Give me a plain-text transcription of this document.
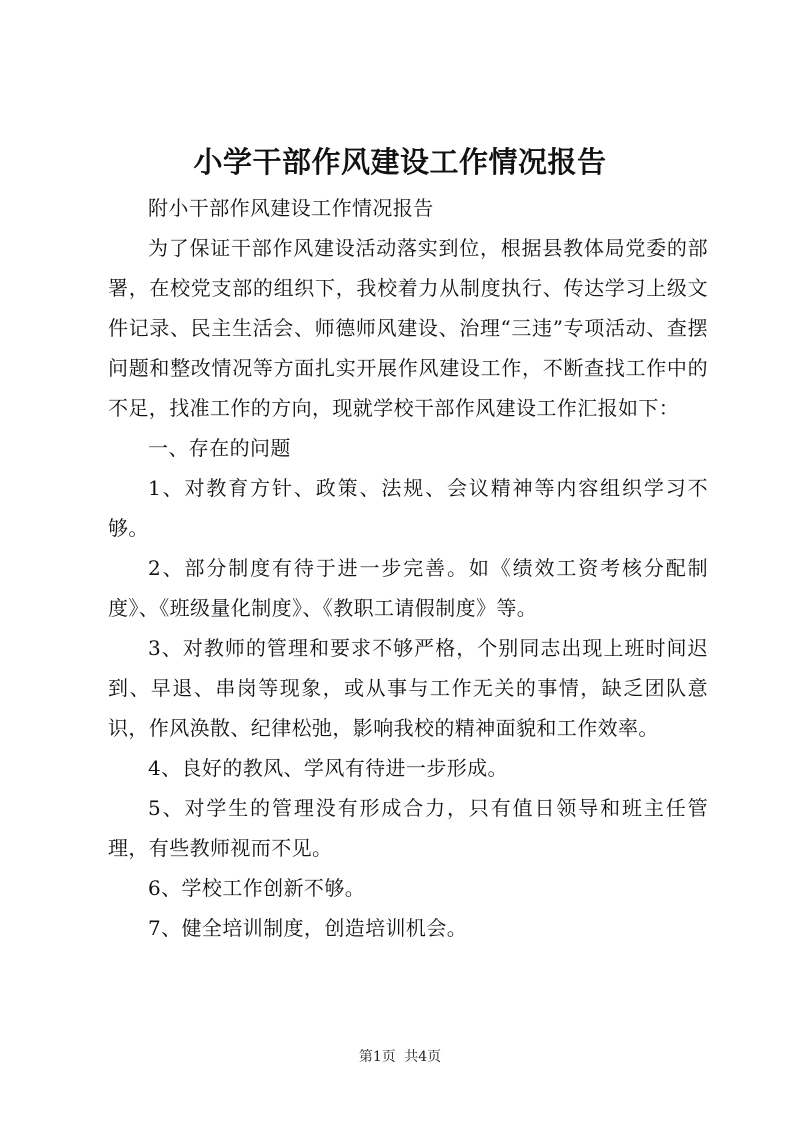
小学干部作风建设工作情况报告

附小干部作风建设工作情况报告

为了保证干部作风建设活动落实到位，根据县教体局党委的部署，在校党支部的组织下，我校着力从制度执行、传达学习上级文件记录、民主生活会、师德师风建设、治理“三违”专项活动、查摆问题和整改情况等方面扎实开展作风建设工作，不断查找工作中的不足，找准工作的方向，现就学校干部作风建设工作汇报如下：

一、存在的问题

1、对教育方针、政策、法规、会议精神等内容组织学习不够。

2、部分制度有待于进一步完善。如《绩效工资考核分配制度》、《班级量化制度》、《教职工请假制度》等。

3、对教师的管理和要求不够严格，个别同志出现上班时间迟到、早退、串岗等现象，或从事与工作无关的事情，缺乏团队意识，作风涣散、纪律松弛，影响我校的精神面貌和工作效率。

4、良好的教风、学风有待进一步形成。

5、对学生的管理没有形成合力，只有值日领导和班主任管理，有些教师视而不见。

6、学校工作创新不够。

7、健全培训制度，创造培训机会。

第1页 共4页
